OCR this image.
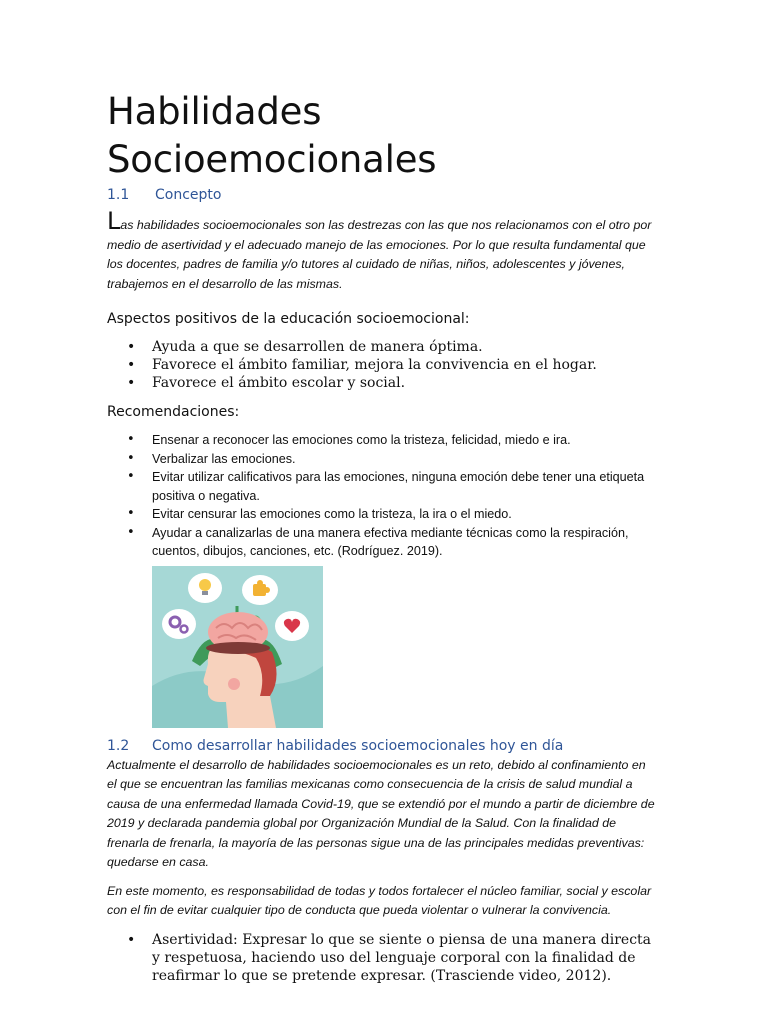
Habilidades Socioemocionales
1.1 Concepto

Las habilidades socioemocionales son las destrezas con las que nos relacionamos con el otro por medio de asertividad y el adecuado manejo de las emociones. Por lo que resulta fundamental que los docentes, padres de familia y/o tutores al cuidado de niñas, niños, adolescentes y jóvenes, trabajemos en el desarrollo de las mismas.

Aspectos positivos de la educación socioemocional:

• Ayuda a que se desarrollen de manera óptima.
• Favorece el ámbito familiar, mejora la convivencia en el hogar.
• Favorece el ámbito escolar y social.

Recomendaciones:

• Ensenar a reconocer las emociones como la tristeza, felicidad, miedo e ira.
• Verbalizar las emociones.
• Evitar utilizar calificativos para las emociones, ninguna emoción debe tener una etiqueta positiva o negativa.
• Evitar censurar las emociones como la tristeza, la ira o el miedo.
• Ayudar a canalizarlas de una manera efectiva mediante técnicas como la respiración, cuentos, dibujos, canciones, etc. (Rodríguez. 2019).
1.2 Como desarrollar habilidades socioemocionales hoy en día

Actualmente el desarrollo de habilidades socioemocionales es un reto, debido al confinamiento en el que se encuentran las familias mexicanas como consecuencia de la crisis de salud mundial a causa de una enfermedad llamada Covid-19, que se extendió por el mundo a partir de diciembre de 2019 y declarada pandemia global por Organización Mundial de la Salud. Con la finalidad de frenarla de frenarla, la mayoría de las personas sigue una de las principales medidas preventivas: quedarse en casa.

En este momento, es responsabilidad de todas y todos fortalecer el núcleo familiar, social y escolar con el fin de evitar cualquier tipo de conducta que pueda violentar o vulnerar la convivencia.

• Asertividad: Expresar lo que se siente o piensa de una manera directa y respetuosa, haciendo uso del lenguaje corporal con la finalidad de reafirmar lo que se pretende expresar. (Trasciende video, 2012).
